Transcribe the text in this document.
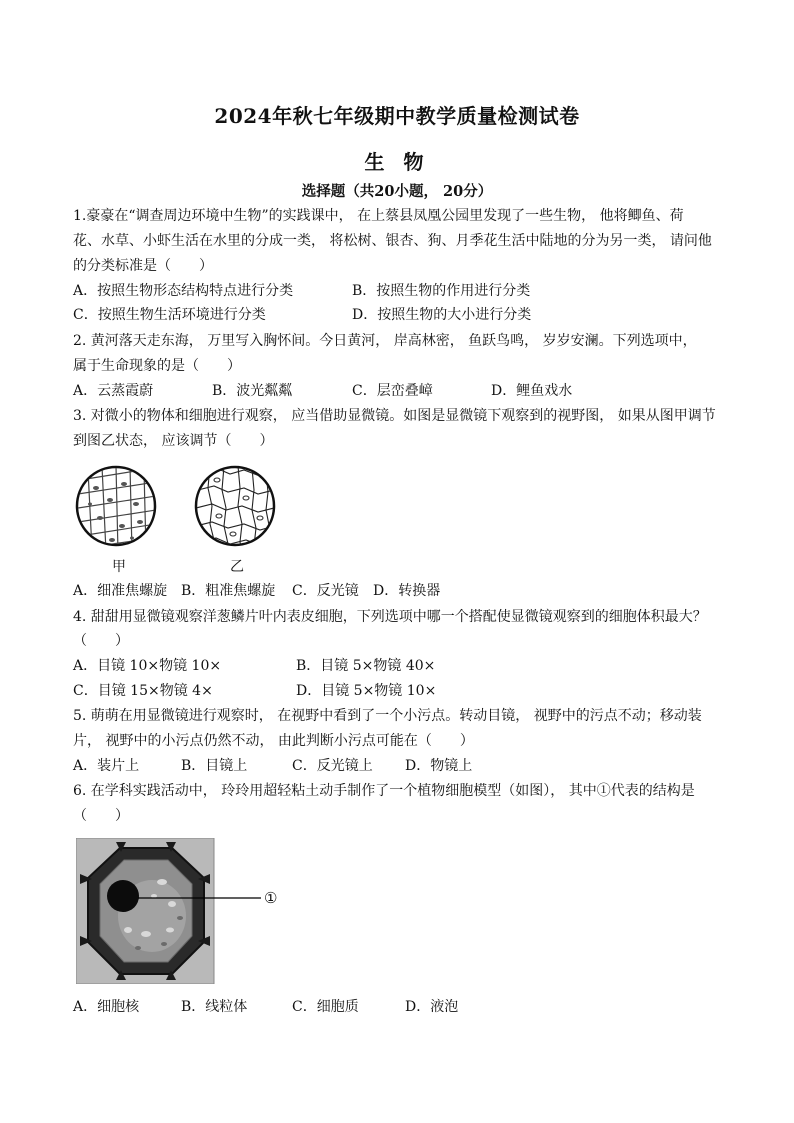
2024年秋七年级期中教学质量检测试卷
生 物
选择题（共20小题， 20分）
1.豪豪在“调查周边环境中生物”的实践课中， 在上蔡县凤凰公园里发现了一些生物， 他将鲫鱼、荷
花、水草、小虾生活在水里的分成一类， 将松树、银杏、狗、月季花生活中陆地的分为另一类， 请问他
的分类标准是（　　）
A．按照生物形态结构特点进行分类	B．按照生物的作用进行分类
C．按照生物生活环境进行分类	D．按照生物的大小进行分类
2. 黄河落天走东海， 万里写入胸怀间。今日黄河， 岸高林密， 鱼跃鸟鸣， 岁岁安澜。下列选项中，
属于生命现象的是（　　）
A．云蒸霞蔚	B．波光粼粼	C．层峦叠嶂	D．鲤鱼戏水
3. 对微小的物体和细胞进行观察， 应当借助显微镜。如图是显微镜下观察到的视野图， 如果从图甲调节
到图乙状态， 应该调节（　　）
甲	乙
A．细准焦螺旋 B．粗准焦螺旋 C．反光镜 D．转换器
4. 甜甜用显微镜观察洋葱鳞片叶内表皮细胞，下列选项中哪一个搭配使显微镜观察到的细胞体积最大？
（　　）
A．目镜 10×物镜 10×	B．目镜 5×物镜 40×
C．目镜 15×物镜 4×	D．目镜 5×物镜 10×
5. 萌萌在用显微镜进行观察时， 在视野中看到了一个小污点。转动目镜， 视野中的污点不动；移动装
片， 视野中的小污点仍然不动， 由此判断小污点可能在（　　）
A．装片上	B．目镜上	C．反光镜上 D．物镜上
6. 在学科实践活动中， 玲玲用超轻粘土动手制作了一个植物细胞模型（如图）， 其中①代表的结构是
（　　）
①
A．细胞核	B．线粒体	C．细胞质	D．液泡
